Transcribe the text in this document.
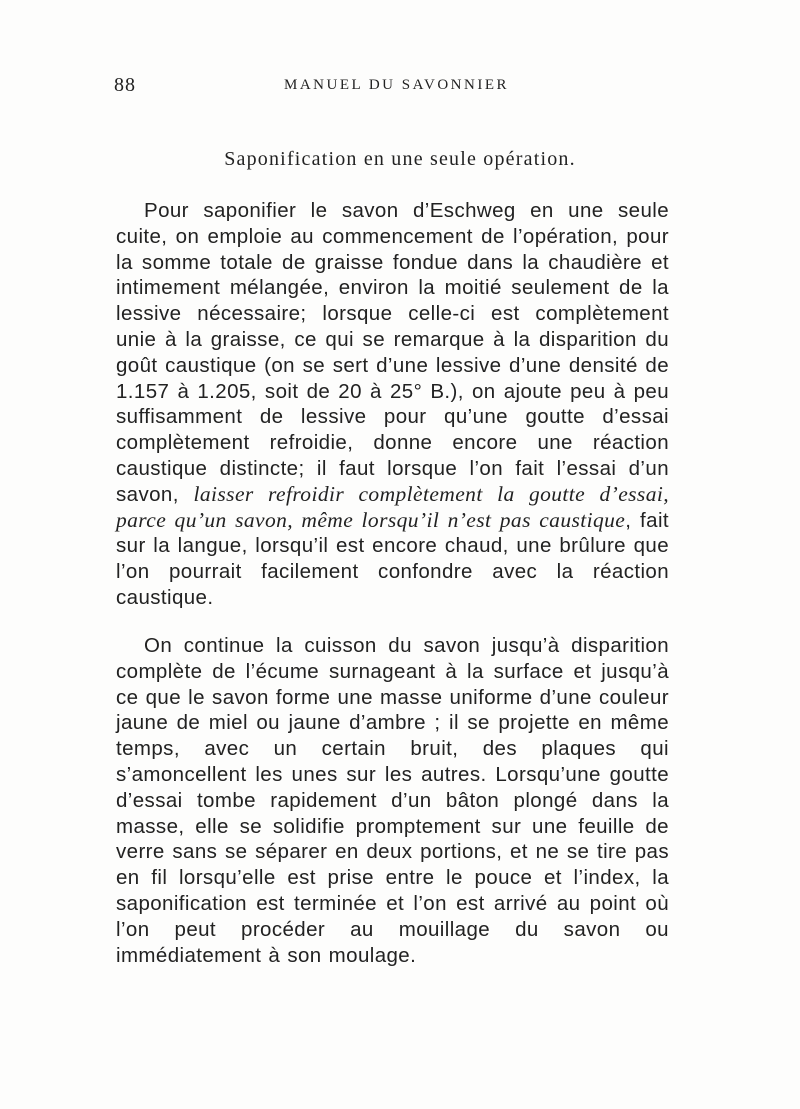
88	MANUEL DU SAVONNIER
Saponification en une seule opération.

Pour saponifier le savon d’Eschweg en une seule cuite, on emploie au commencement de l’opération, pour la somme totale de graisse fondue dans la chaudière et intimement mélangée, environ la moitié seulement de la lessive nécessaire; lorsque celle-ci est complètement unie à la graisse, ce qui se remarque à la disparition du goût caustique (on se sert d’une lessive d’une densité de 1.157 à 1.205, soit de 20 à 25° B.), on ajoute peu à peu suffisamment de lessive pour qu’une goutte d’essai complètement refroidie, donne encore une réaction caustique distincte; il faut lorsque l’on fait l’essai d’un savon, laisser refroidir complètement la goutte d’essai, parce qu’un savon, même lorsqu’il n’est pas caustique, fait sur la langue, lorsqu’il est encore chaud, une brûlure que l’on pourrait facilement confondre avec la réaction caustique.

On continue la cuisson du savon jusqu’à disparition complète de l’écume surnageant à la surface et jusqu’à ce que le savon forme une masse uniforme d’une couleur jaune de miel ou jaune d’ambre ; il se projette en même temps, avec un certain bruit, des plaques qui s’amoncellent les unes sur les autres. Lorsqu’une goutte d’essai tombe rapidement d’un bâton plongé dans la masse, elle se solidifie promptement sur une feuille de verre sans se séparer en deux portions, et ne se tire pas en fil lorsqu’elle est prise entre le pouce et l’index, la saponification est terminée et l’on est arrivé au point où l’on peut procéder au mouillage du savon ou immédiatement à son moulage.
